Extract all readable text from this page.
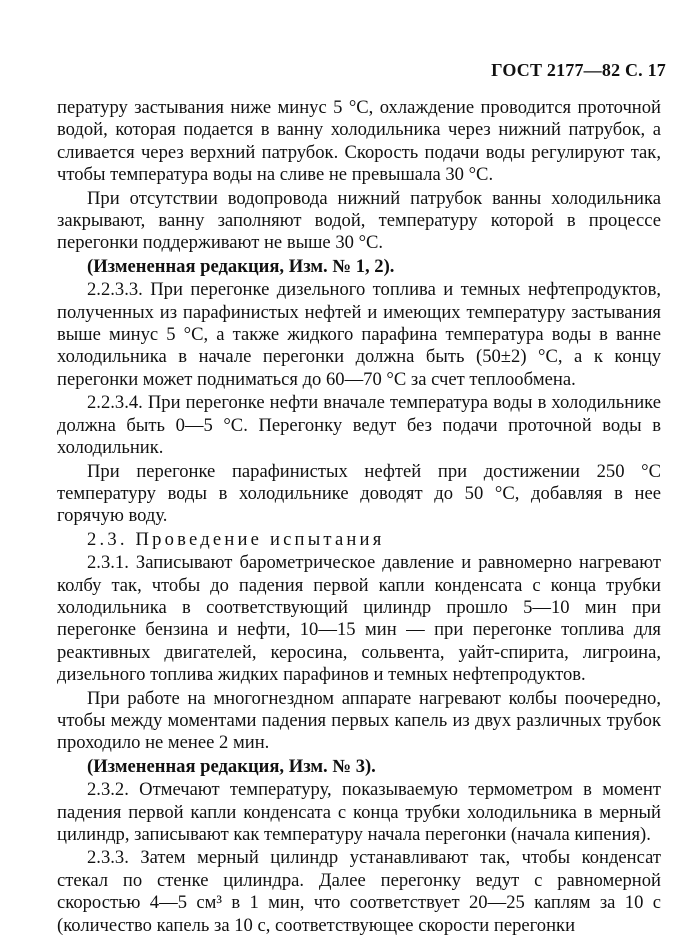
ГОСТ 2177—82 С. 17

пературу застывания ниже минус 5 °С, охлаждение проводится проточной водой, которая подается в ванну холодильника через нижний патрубок, а сливается через верхний патрубок. Скорость подачи воды регулируют так, чтобы температура воды на сливе не превышала 30 °С.

При отсутствии водопровода нижний патрубок ванны холодильника закрывают, ванну заполняют водой, температуру которой в процессе перегонки поддерживают не выше 30 °С.

(Измененная редакция, Изм. № 1, 2).

2.2.3.3. При перегонке дизельного топлива и темных нефтепродуктов, полученных из парафинистых нефтей и имеющих температуру застывания выше минус 5 °С, а также жидкого парафина температура воды в ванне холодильника в начале перегонки должна быть (50±2) °С, а к концу перегонки может подниматься до 60—70 °С за счет теплообмена.

2.2.3.4. При перегонке нефти вначале температура воды в холодильнике должна быть 0—5 °С. Перегонку ведут без подачи проточной воды в холодильник.

При перегонке парафинистых нефтей при достижении 250 °С температуру воды в холодильнике доводят до 50 °С, добавляя в нее горячую воду.

2.3. Проведение испытания

2.3.1. Записывают барометрическое давление и равномерно нагревают колбу так, чтобы до падения первой капли конденсата с конца трубки холодильника в соответствующий цилиндр прошло 5—10 мин при перегонке бензина и нефти, 10—15 мин — при перегонке топлива для реактивных двигателей, керосина, сольвента, уайт-спирита, лигроина, дизельного топлива жидких парафинов и темных нефтепродуктов.

При работе на многогнездном аппарате нагревают колбы поочередно, чтобы между моментами падения первых капель из двух различных трубок проходило не менее 2 мин.

(Измененная редакция, Изм. № 3).

2.3.2. Отмечают температуру, показываемую термометром в момент падения первой капли конденсата с конца трубки холодильника в мерный цилиндр, записывают как температуру начала перегонки (начала кипения).

2.3.3. Затем мерный цилиндр устанавливают так, чтобы конденсат стекал по стенке цилиндра. Далее перегонку ведут с равномерной скоростью 4—5 см³ в 1 мин, что соответствует 20—25 каплям за 10 с (количество капель за 10 с, соответствующее скорости перегонки
